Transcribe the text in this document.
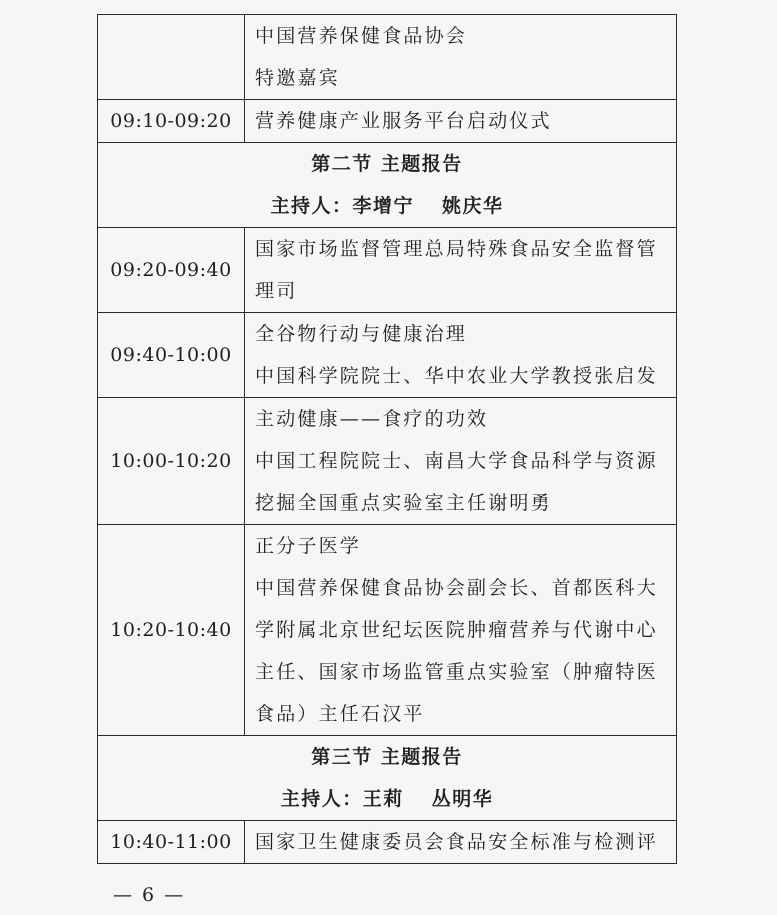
	中国营养保健食品协会
特邀嘉宾

09:10-09:20	营养健康产业服务平台启动仪式

第二节 主题报告
主持人：李增宁 姚庆华	

09:20-09:40	国家市场监督管理总局特殊食品安全监督管
理司

09:40-10:00	全谷物行动与健康治理
中国科学院院士、华中农业大学教授张启发

10:00-10:20	主动健康——食疗的功效
中国工程院院士、南昌大学食品科学与资源
挖掘全国重点实验室主任谢明勇

10:20-10:40	正分子医学
中国营养保健食品协会副会长、首都医科大
学附属北京世纪坛医院肿瘤营养与代谢中心
主任、国家市场监管重点实验室（肿瘤特医
食品）主任石汉平

第三节 主题报告
主持人：王莉 丛明华	

10:40-11:00	国家卫生健康委员会食品安全标准与检测评
— 6 —
